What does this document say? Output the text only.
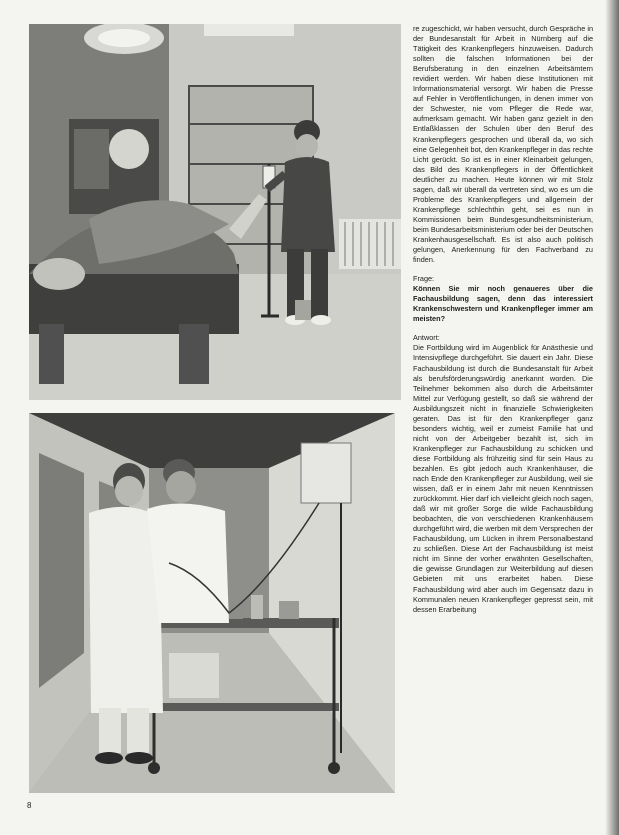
re zugeschickt, wir haben versucht, durch Gespräche in der Bundesanstalt für Arbeit in Nürnberg auf die Tätigkeit des Krankenpflegers hinzuweisen. Dadurch sollten die falschen Informationen bei der Berufsberatung in den einzelnen Arbeitsämtern revidiert werden. Wir haben diese Institutionen mit Informationsmaterial versorgt. Wir haben die Presse auf Fehler in Veröffentlichungen, in denen immer von der Schwester, nie vom Pfleger die Rede war, aufmerksam gemacht. Wir haben ganz gezielt in den Entlaßklassen der Schulen über den Beruf des Krankenpflegers gesprochen und überall da, wo sich eine Gelegenheit bot, den Krankenpfleger in das rechte Licht gerückt. So ist es in einer Kleinarbeit gelungen, das Bild des Krankenpflegers in der Öffentlichkeit deutlicher zu machen. Heute können wir mit Stolz sagen, daß wir überall da vertreten sind, wo es um die Probleme des Krankenpflegers und allgemein der Krankenpflege schlechthin geht, sei es nun in Kommissionen beim Bundesgesundheitsministerium, beim Bundesarbeitsministerium oder bei der Deutschen Krankenhausgesellschaft. Es ist also auch politisch gelungen, Anerkennung für den Fachverband zu finden.

Frage:

Können Sie mir noch genaueres über die Fachausbildung sagen, denn das interessiert Krankenschwestern und Krankenpfleger immer am meisten?

Antwort:

Die Fortbildung wird im Augenblick für Anästhesie und Intensivpflege durchgeführt. Sie dauert ein Jahr. Diese Fachausbildung ist durch die Bundesanstalt für Arbeit als berufsförderungswürdig anerkannt worden. Die Teilnehmer bekommen also durch die Arbeitsämter Mittel zur Verfügung gestellt, so daß sie während der Ausbildungszeit nicht in finanzielle Schwierigkeiten geraten. Das ist für den Krankenpfleger ganz besonders wichtig, weil er zumeist Familie hat und nicht von der Arbeitgeber bezahlt ist, sich im Krankenpfleger zur Fachausbildung zu schicken und diese Fortbildung als frühzeitig sind für sein Haus zu bezahlen. Es gibt jedoch auch Krankenhäuser, die nach Ende den Krankenpfleger zur Ausbildung, weil sie wissen, daß er in einem Jahr mit neuen Kenntnissen zurückkommt. Hier darf ich vielleicht gleich noch sagen, daß wir mit großer Sorge die wilde Fachausbildung beobachten, die von verschiedenen Krankenhäusern durchgeführt wird, die werben mit dem Versprechen der Fachausbildung, um Lücken in ihrem Personalbestand zu schließen. Diese Art der Fachausbildung ist meist nicht im Sinne der vorher erwähnten Gesellschaften, die gewisse Grundlagen zur Weiterbildung auf diesen Gebieten mit uns erarbeitet haben. Diese Fachausbildung wird aber auch im Gegensatz dazu in Kommunalen neuen Krankenpfleger gepresst sein, mit dessen Erarbeitung

8
